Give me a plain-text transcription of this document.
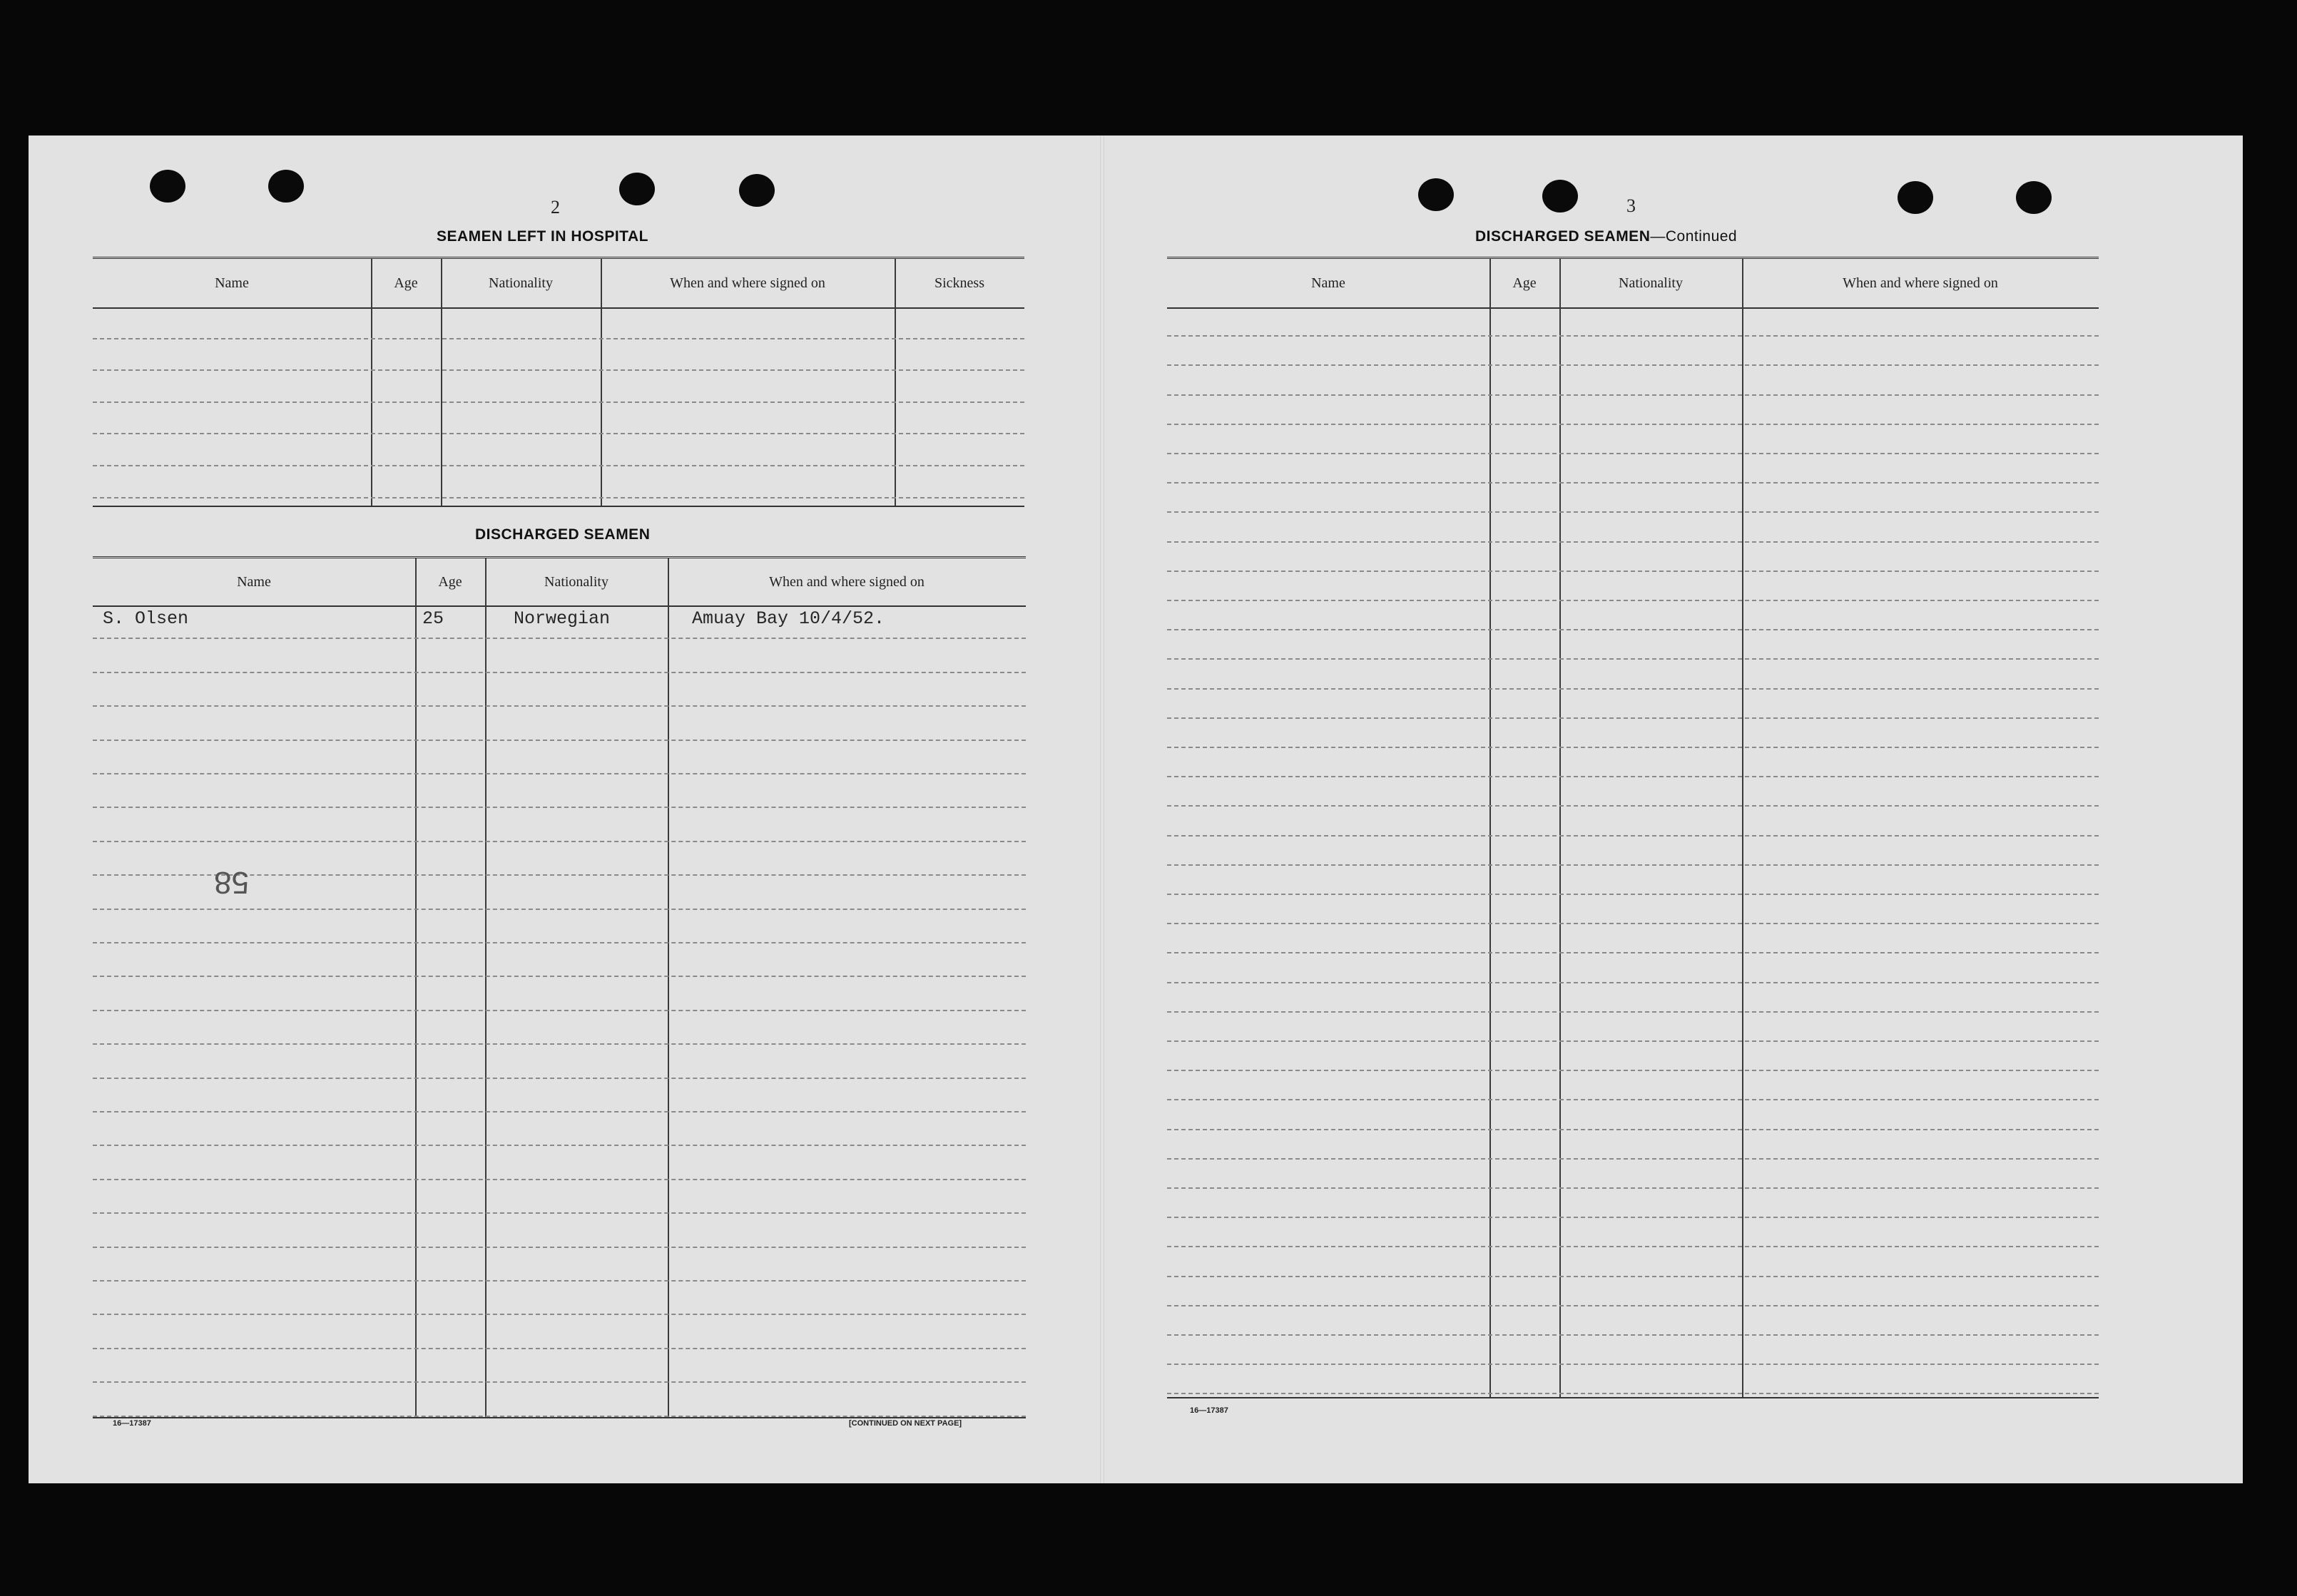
2
SEAMEN LEFT IN HOSPITAL
Name	Age	Nationality	When and where signed on	Sickness
DISCHARGED SEAMEN
Name	Age	Nationality	When and where signed on
S. Olsen	25	Norwegian	Amuay Bay 10/4/52.
58
16—17387	[CONTINUED ON NEXT PAGE]
3
DISCHARGED SEAMEN—Continued
Name	Age	Nationality	When and where signed on
16—17387
